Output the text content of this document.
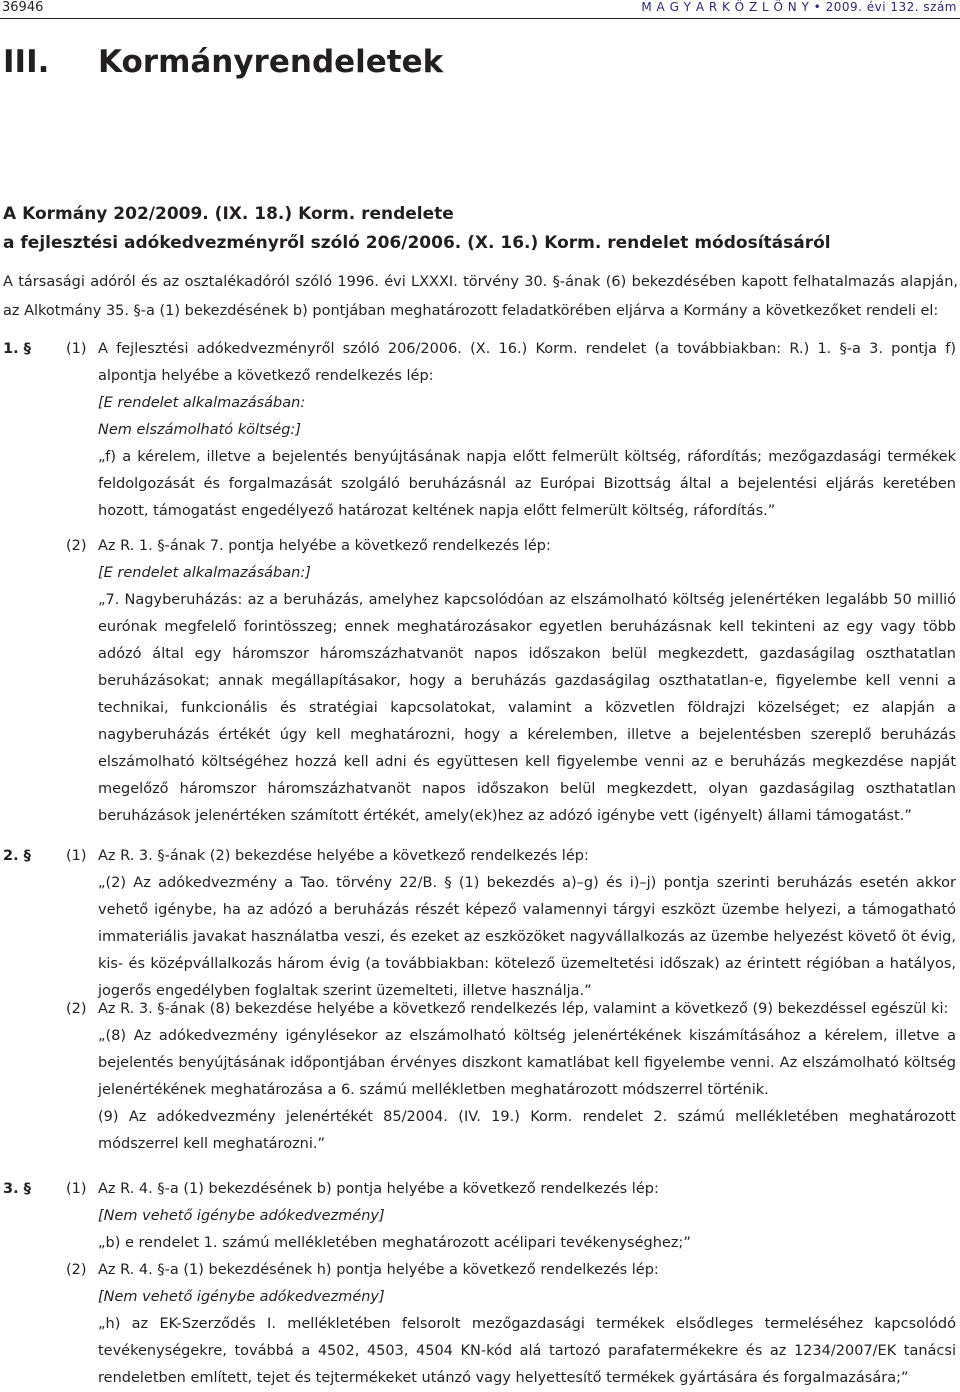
36946	M A G Y A R K Ö Z L Ö N Y • 2009. évi 132. szám
III. Kormányrendeletek
A Kormány 202/2009. (IX. 18.) Korm. rendelete
a fejlesztési adókedvezményről szóló 206/2006. (X. 16.) Korm. rendelet módosításáról

A társasági adóról és az osztalékadóról szóló 1996. évi LXXXI. törvény 30. §-ának (6) bekezdésében kapott felhatalmazás alapján, az Alkotmány 35. §-a (1) bekezdésének b) pontjában meghatározott feladatkörében eljárva a Kormány a következőket rendeli el:

1. § (1) A fejlesztési adókedvezményről szóló 206/2006. (X. 16.) Korm. rendelet (a továbbiakban: R.) 1. §-a 3. pontja f) alpontja helyébe a következő rendelkezés lép:

[E rendelet alkalmazásában:

Nem elszámolható költség:]

„f) a kérelem, illetve a bejelentés benyújtásának napja előtt felmerült költség, ráfordítás; mezőgazdasági termékek feldolgozását és forgalmazását szolgáló beruházásnál az Európai Bizottság által a bejelentési eljárás keretében hozott, támogatást engedélyező határozat keltének napja előtt felmerült költség, ráfordítás.”

(2) Az R. 1. §-ának 7. pontja helyébe a következő rendelkezés lép:

[E rendelet alkalmazásában:]

„7. Nagyberuházás: az a beruházás, amelyhez kapcsolódóan az elszámolható költség jelenértéken legalább 50 millió eurónak megfelelő forintösszeg; ennek meghatározásakor egyetlen beruházásnak kell tekinteni az egy vagy több adózó által egy háromszor háromszázhatvanöt napos időszakon belül megkezdett, gazdaságilag oszthatatlan beruházásokat; annak megállapításakor, hogy a beruházás gazdaságilag oszthatatlan-e, figyelembe kell venni a technikai, funkcionális és stratégiai kapcsolatokat, valamint a közvetlen földrajzi közelséget; ez alapján a nagyberuházás értékét úgy kell meghatározni, hogy a kérelemben, illetve a bejelentésben szereplő beruházás elszámolható költségéhez hozzá kell adni és együttesen kell figyelembe venni az e beruházás megkezdése napját megelőző háromszor háromszázhatvanöt napos időszakon belül megkezdett, olyan gazdaságilag oszthatatlan beruházások jelenértéken számított értékét, amely(ek)hez az adózó igénybe vett (igényelt) állami támogatást.”

2. § (1) Az R. 3. §-ának (2) bekezdése helyébe a következő rendelkezés lép:

„(2) Az adókedvezmény a Tao. törvény 22/B. § (1) bekezdés a)–g) és i)–j) pontja szerinti beruházás esetén akkor vehető igénybe, ha az adózó a beruházás részét képező valamennyi tárgyi eszközt üzembe helyezi, a támogatható immateriális javakat használatba veszi, és ezeket az eszközöket nagyvállalkozás az üzembe helyezést követő öt évig, kis- és középvállalkozás három évig (a továbbiakban: kötelező üzemeltetési időszak) az érintett régióban a hatályos, jogerős engedélyben foglaltak szerint üzemelteti, illetve használja.”

(2) Az R. 3. §-ának (8) bekezdése helyébe a következő rendelkezés lép, valamint a következő (9) bekezdéssel egészül ki:

„(8) Az adókedvezmény igénylésekor az elszámolható költség jelenértékének kiszámításához a kérelem, illetve a bejelentés benyújtásának időpontjában érvényes diszkont kamatlábat kell figyelembe venni. Az elszámolható költség jelenértékének meghatározása a 6. számú mellékletben meghatározott módszerrel történik.

(9) Az adókedvezmény jelenértékét 85/2004. (IV. 19.) Korm. rendelet 2. számú mellékletében meghatározott módszerrel kell meghatározni.”

3. § (1) Az R. 4. §-a (1) bekezdésének b) pontja helyébe a következő rendelkezés lép:

[Nem vehető igénybe adókedvezmény]

„b) e rendelet 1. számú mellékletében meghatározott acélipari tevékenységhez;”

(2) Az R. 4. §-a (1) bekezdésének h) pontja helyébe a következő rendelkezés lép:

[Nem vehető igénybe adókedvezmény]

„h) az EK-Szerződés I. mellékletében felsorolt mezőgazdasági termékek elsődleges termeléséhez kapcsolódó tevékenységekre, továbbá a 4502, 4503, 4504 KN-kód alá tartozó parafatermékekre és az 1234/2007/EK tanácsi rendeletben említett, tejet és tejtermékeket utánzó vagy helyettesítő termékek gyártására és forgalmazására;”
